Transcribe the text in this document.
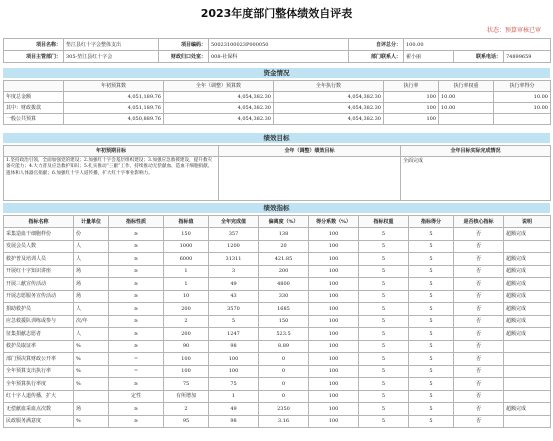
2023年度部门整体绩效自评表
状态：预算审核已审
项目名称：	垫江县红十字会整体支出	项目编码：	50023100023P000050	自评总分：	100.00		
项目主管部门：	305-垫江县红十字会	财政归口处室：	008-社保科	部门联系人：	翟小丽	联系电话：	74899659
资金情况
	年初预算数	全年（调整）预算数	全年执行数	执行率	执行率权重	执行率得分
年度总金额	4,051,189.76	4,054,382.30	4,054,382.30	100	10.00	10.00
其中：财政拨款	4,051,189.76	4,054,382.30	4,054,382.30	100	10.00	10.00
一般公共预算	4,050,889.76	4,054,382.30	4,054,382.30	100		
绩效目标
年初预期目标	全年（调整）绩效目标	全年目标实际完成情况
1.坚持政治引领，全面加强党的建设；2.加强红十字会基层组织建设；3.加强应急救援建设，提升救灾备灾能力；4.大力普及应急救护知识；5.扎实推动“三献”工作，持续推动无偿献血、造血干细胞捐献、遗体和人体器官捐献；6.加强红十字人道传播，扩大红十字事业影响力。		全面完成
绩效指标
指标名称	计量单位	指标性质	指标值	全年完成值	偏离度（%）	得分系数（%）	指标权重	指标得分	是否核心指标	说明
采集造血干细胞样份	份	≥	150	357	138	100	5	5	否	超额完成
发展会员人数	人	≥	1000	1200	20	100	5	5	否	
救护普及培训人员	人	≥	6000	31311	421.85	100	5	5	否	超额完成
开展红十字知识讲座	场	≥	1	3	200	100	5	5	否	超额完成
开展三献宣传活动	场	≥	1	49	4800	100	5	5	否	超额完成
开展志愿服务宣传活动	场	≥	10	43	330	100	5	5	否	超额完成
捐助救护员	人	≥	200	3570	1685	100	5	5	否	超额完成
应急救援队训练或参与	次/年	≥	2	5	150	100	5	5	否	超额完成
征集捐献志愿者	人	≥	200	1247	523.5	100	5	5	否	超额完成
救护员取证率	%	≥	90	98	8.89	100	5	5	否	
部门预决算财政公开率	%	=	100	100	0	100	5	5	否	
全年预算支出执行率	%	=	100	100	0	100	5	5	否	
全年预算执行率度	%	≥	75	75	0	100	5	5	否	
红十字人道传播，扩大		定性	有所增加	1	0	100	5	5	否	
无偿献血采血点次数	场	≥	2	49	2350	100	5	5	否	超额完成
民政服务满意度	%	≥	95	98	3.16	100	5	5	否	
